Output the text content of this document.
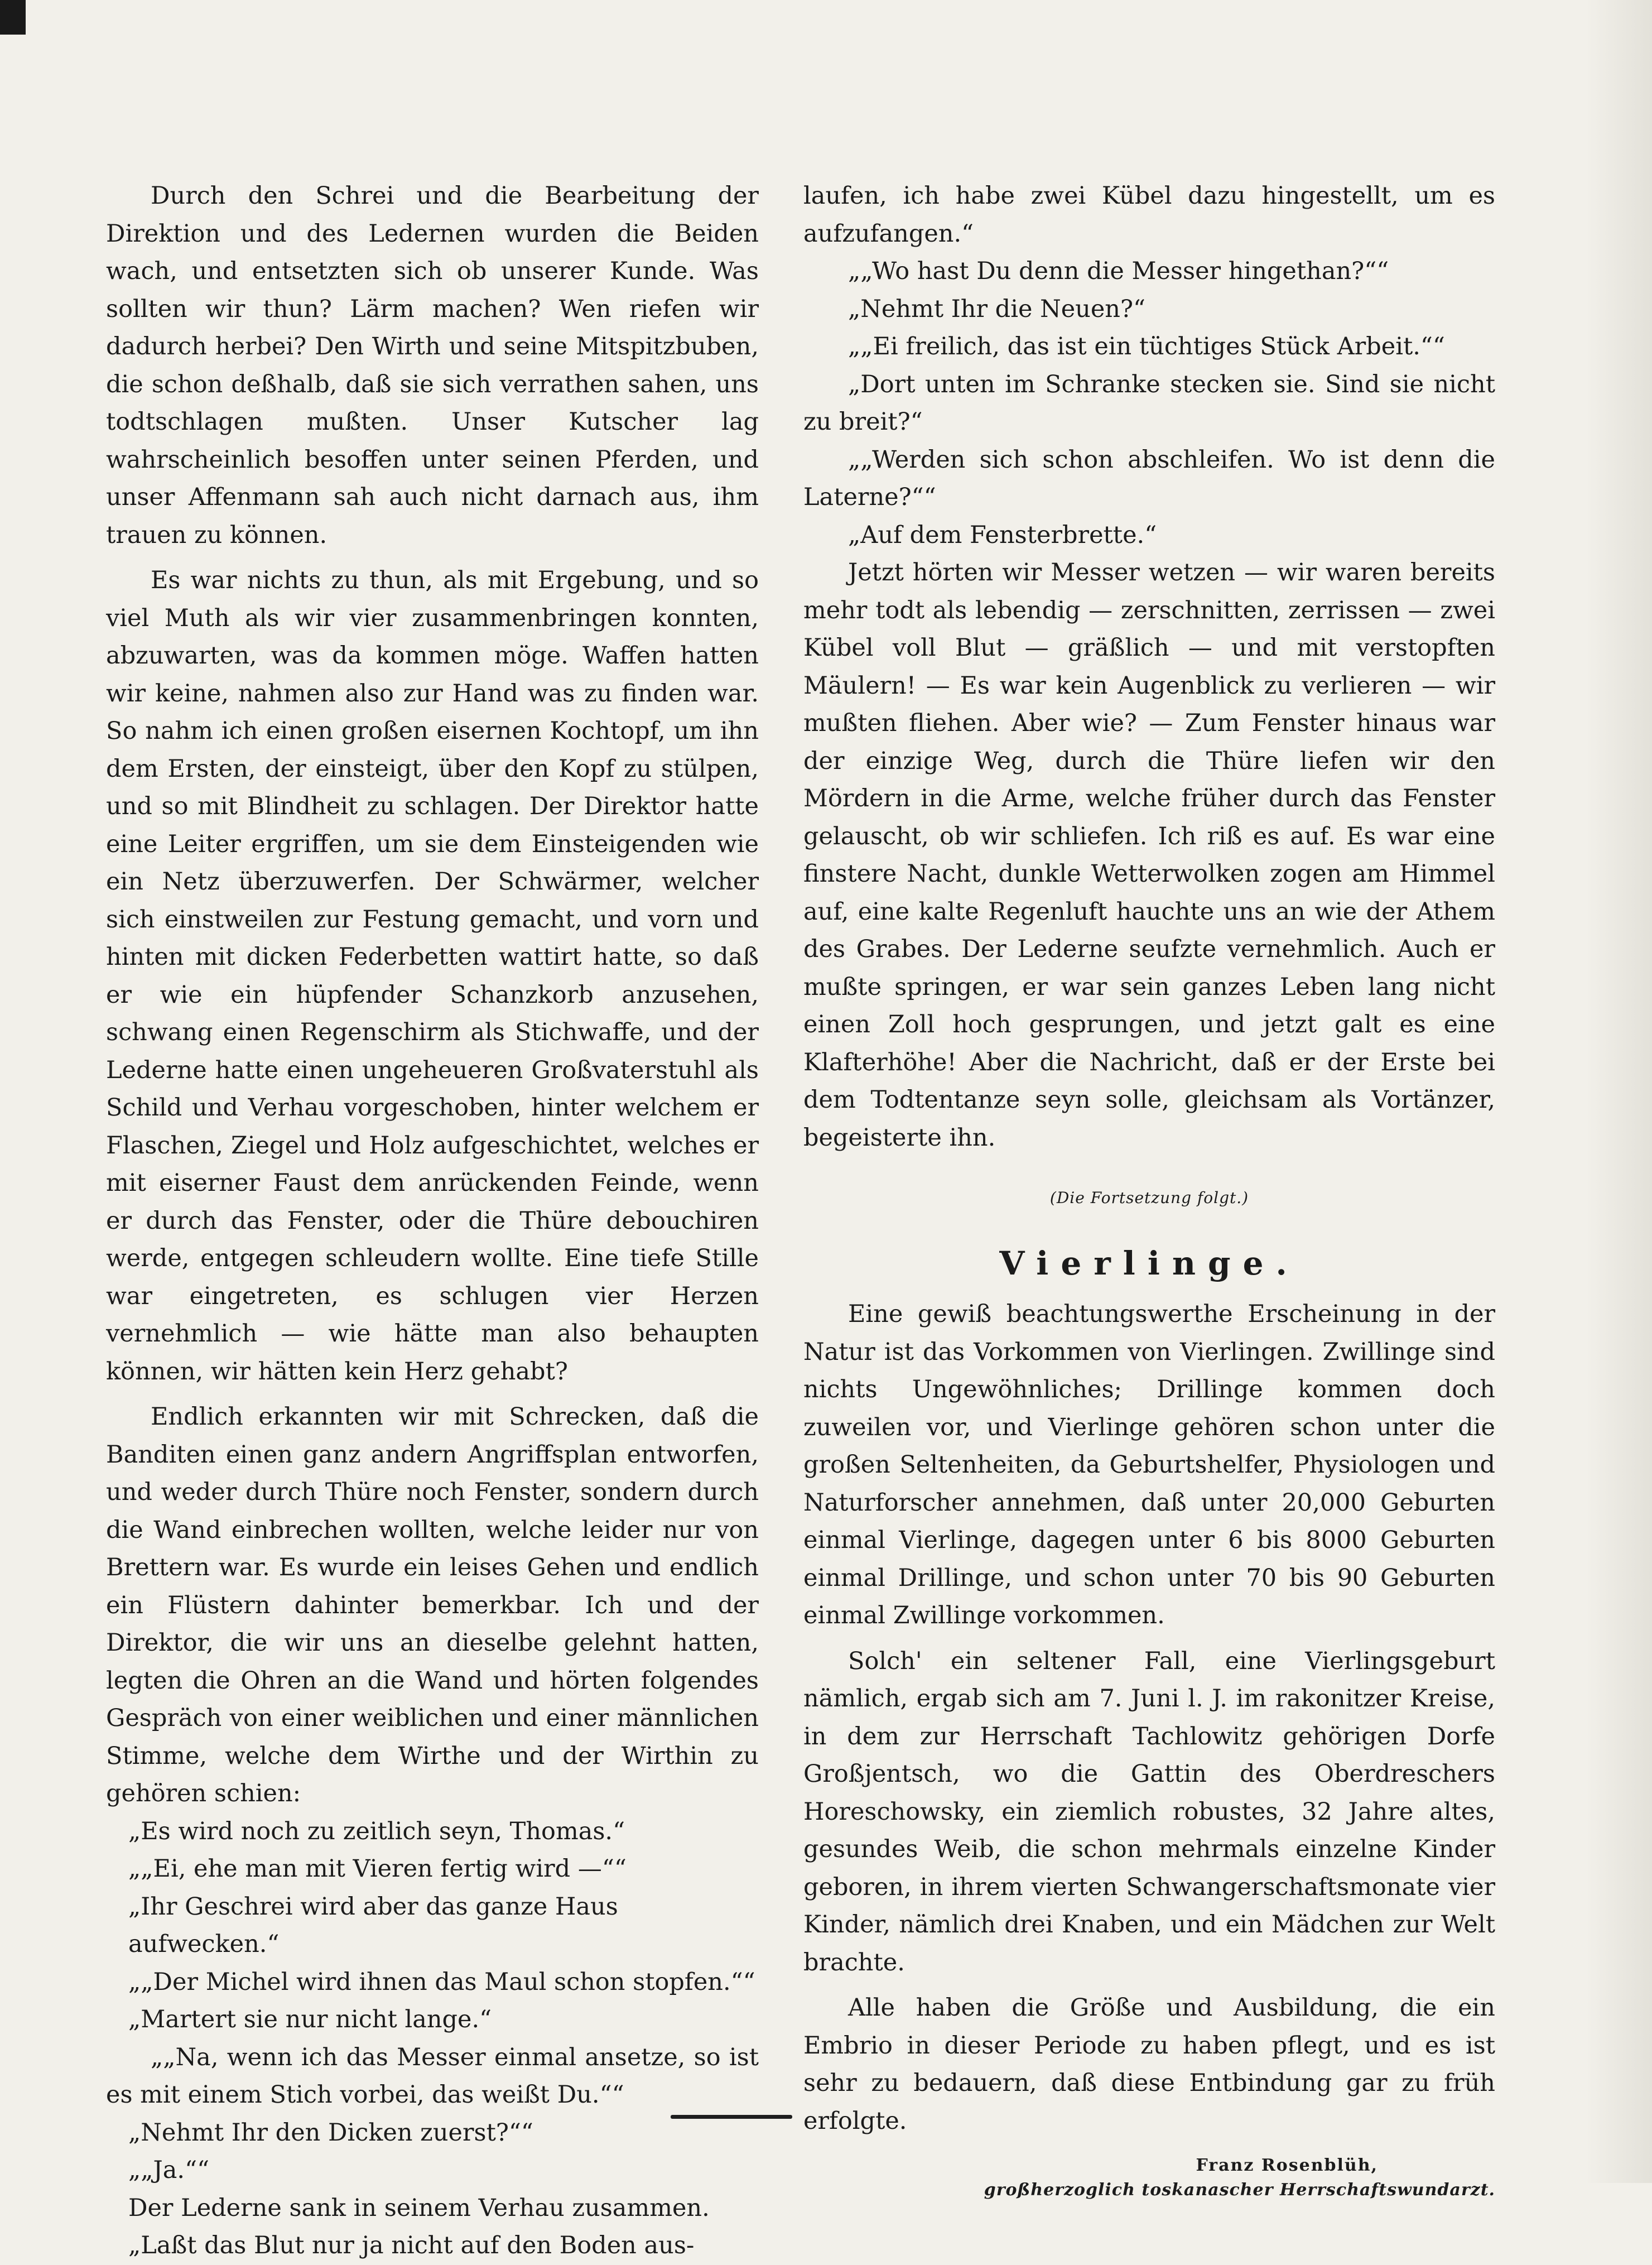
Durch den Schrei und die Bearbeitung der Direktion und des Ledernen wurden die Beiden wach, und entsetzten sich ob unserer Kunde. Was sollten wir thun? Lärm machen? Wen riefen wir dadurch herbei? Den Wirth und seine Mitspitzbuben, die schon deßhalb, daß sie sich verrathen sahen, uns todtschlagen mußten. Unser Kutscher lag wahrscheinlich besoffen unter seinen Pferden, und unser Affenmann sah auch nicht darnach aus, ihm trauen zu können.

Es war nichts zu thun, als mit Ergebung, und so viel Muth als wir vier zusammenbringen konnten, abzuwarten, was da kommen möge. Waffen hatten wir keine, nahmen also zur Hand was zu finden war. So nahm ich einen großen eisernen Kochtopf, um ihn dem Ersten, der einsteigt, über den Kopf zu stülpen, und so mit Blindheit zu schlagen. Der Direktor hatte eine Leiter ergriffen, um sie dem Einsteigenden wie ein Netz überzuwerfen. Der Schwärmer, welcher sich einstweilen zur Festung gemacht, und vorn und hinten mit dicken Federbetten wattirt hatte, so daß er wie ein hüpfender Schanzkorb anzusehen, schwang einen Regenschirm als Stichwaffe, und der Lederne hatte einen ungeheueren Großvaterstuhl als Schild und Verhau vorgeschoben, hinter welchem er Flaschen, Ziegel und Holz aufgeschichtet, welches er mit eiserner Faust dem anrückenden Feinde, wenn er durch das Fenster, oder die Thüre debouchiren werde, entgegen schleudern wollte. Eine tiefe Stille war eingetreten, es schlugen vier Herzen vernehmlich — wie hätte man also behaupten können, wir hätten kein Herz gehabt?

Endlich erkannten wir mit Schrecken, daß die Banditen einen ganz andern Angriffsplan entworfen, und weder durch Thüre noch Fenster, sondern durch die Wand einbrechen wollten, welche leider nur von Brettern war. Es wurde ein leises Gehen und endlich ein Flüstern dahinter bemerkbar. Ich und der Direktor, die wir uns an dieselbe gelehnt hatten, legten die Ohren an die Wand und hörten folgendes Gespräch von einer weiblichen und einer männlichen Stimme, welche dem Wirthe und der Wirthin zu gehören schien:

„Es wird noch zu zeitlich seyn, Thomas.“

„„Ei, ehe man mit Vieren fertig wird —““

„Ihr Geschrei wird aber das ganze Haus aufwecken.“

„„Der Michel wird ihnen das Maul schon stopfen.““

„Martert sie nur nicht lange.“

„„Na, wenn ich das Messer einmal ansetze, so ist es mit einem Stich vorbei, das weißt Du.““

„Nehmt Ihr den Dicken zuerst?““

„„Ja.““

Der Lederne sank in seinem Verhau zusammen.

„Laßt das Blut nur ja nicht auf den Boden aus-

laufen, ich habe zwei Kübel dazu hingestellt, um es aufzufangen.“

„„Wo hast Du denn die Messer hingethan?““

„Nehmt Ihr die Neuen?“

„„Ei freilich, das ist ein tüchtiges Stück Arbeit.““

„Dort unten im Schranke stecken sie. Sind sie nicht zu breit?“

„„Werden sich schon abschleifen. Wo ist denn die Laterne?““

„Auf dem Fensterbrette.“

Jetzt hörten wir Messer wetzen — wir waren bereits mehr todt als lebendig — zerschnitten, zerrissen — zwei Kübel voll Blut — gräßlich — und mit verstopften Mäulern! — Es war kein Augenblick zu verlieren — wir mußten fliehen. Aber wie? — Zum Fenster hinaus war der einzige Weg, durch die Thüre liefen wir den Mördern in die Arme, welche früher durch das Fenster gelauscht, ob wir schliefen. Ich riß es auf. Es war eine finstere Nacht, dunkle Wetterwolken zogen am Himmel auf, eine kalte Regenluft hauchte uns an wie der Athem des Grabes. Der Lederne seufzte vernehmlich. Auch er mußte springen, er war sein ganzes Leben lang nicht einen Zoll hoch gesprungen, und jetzt galt es eine Klafterhöhe! Aber die Nachricht, daß er der Erste bei dem Todtentanze seyn solle, gleichsam als Vortänzer, begeisterte ihn.

(Die Fortsetzung folgt.)

Vierlinge.

Eine gewiß beachtungswerthe Erscheinung in der Natur ist das Vorkommen von Vierlingen. Zwillinge sind nichts Ungewöhnliches; Drillinge kommen doch zuweilen vor, und Vierlinge gehören schon unter die großen Seltenheiten, da Geburtshelfer, Physiologen und Naturforscher annehmen, daß unter 20,000 Geburten einmal Vierlinge, dagegen unter 6 bis 8000 Geburten einmal Drillinge, und schon unter 70 bis 90 Geburten einmal Zwillinge vorkommen.

Solch' ein seltener Fall, eine Vierlingsgeburt nämlich, ergab sich am 7. Juni l. J. im rakonitzer Kreise, in dem zur Herrschaft Tachlowitz gehörigen Dorfe Großjentsch, wo die Gattin des Oberdreschers Horeschowsky, ein ziemlich robustes, 32 Jahre altes, gesundes Weib, die schon mehrmals einzelne Kinder geboren, in ihrem vierten Schwangerschaftsmonate vier Kinder, nämlich drei Knaben, und ein Mädchen zur Welt brachte.

Alle haben die Größe und Ausbildung, die ein Embrio in dieser Periode zu haben pflegt, und es ist sehr zu bedauern, daß diese Entbindung gar zu früh erfolgte.

Franz Rosenblüh,
großherzoglich toskanascher Herrschaftswundarzt.
